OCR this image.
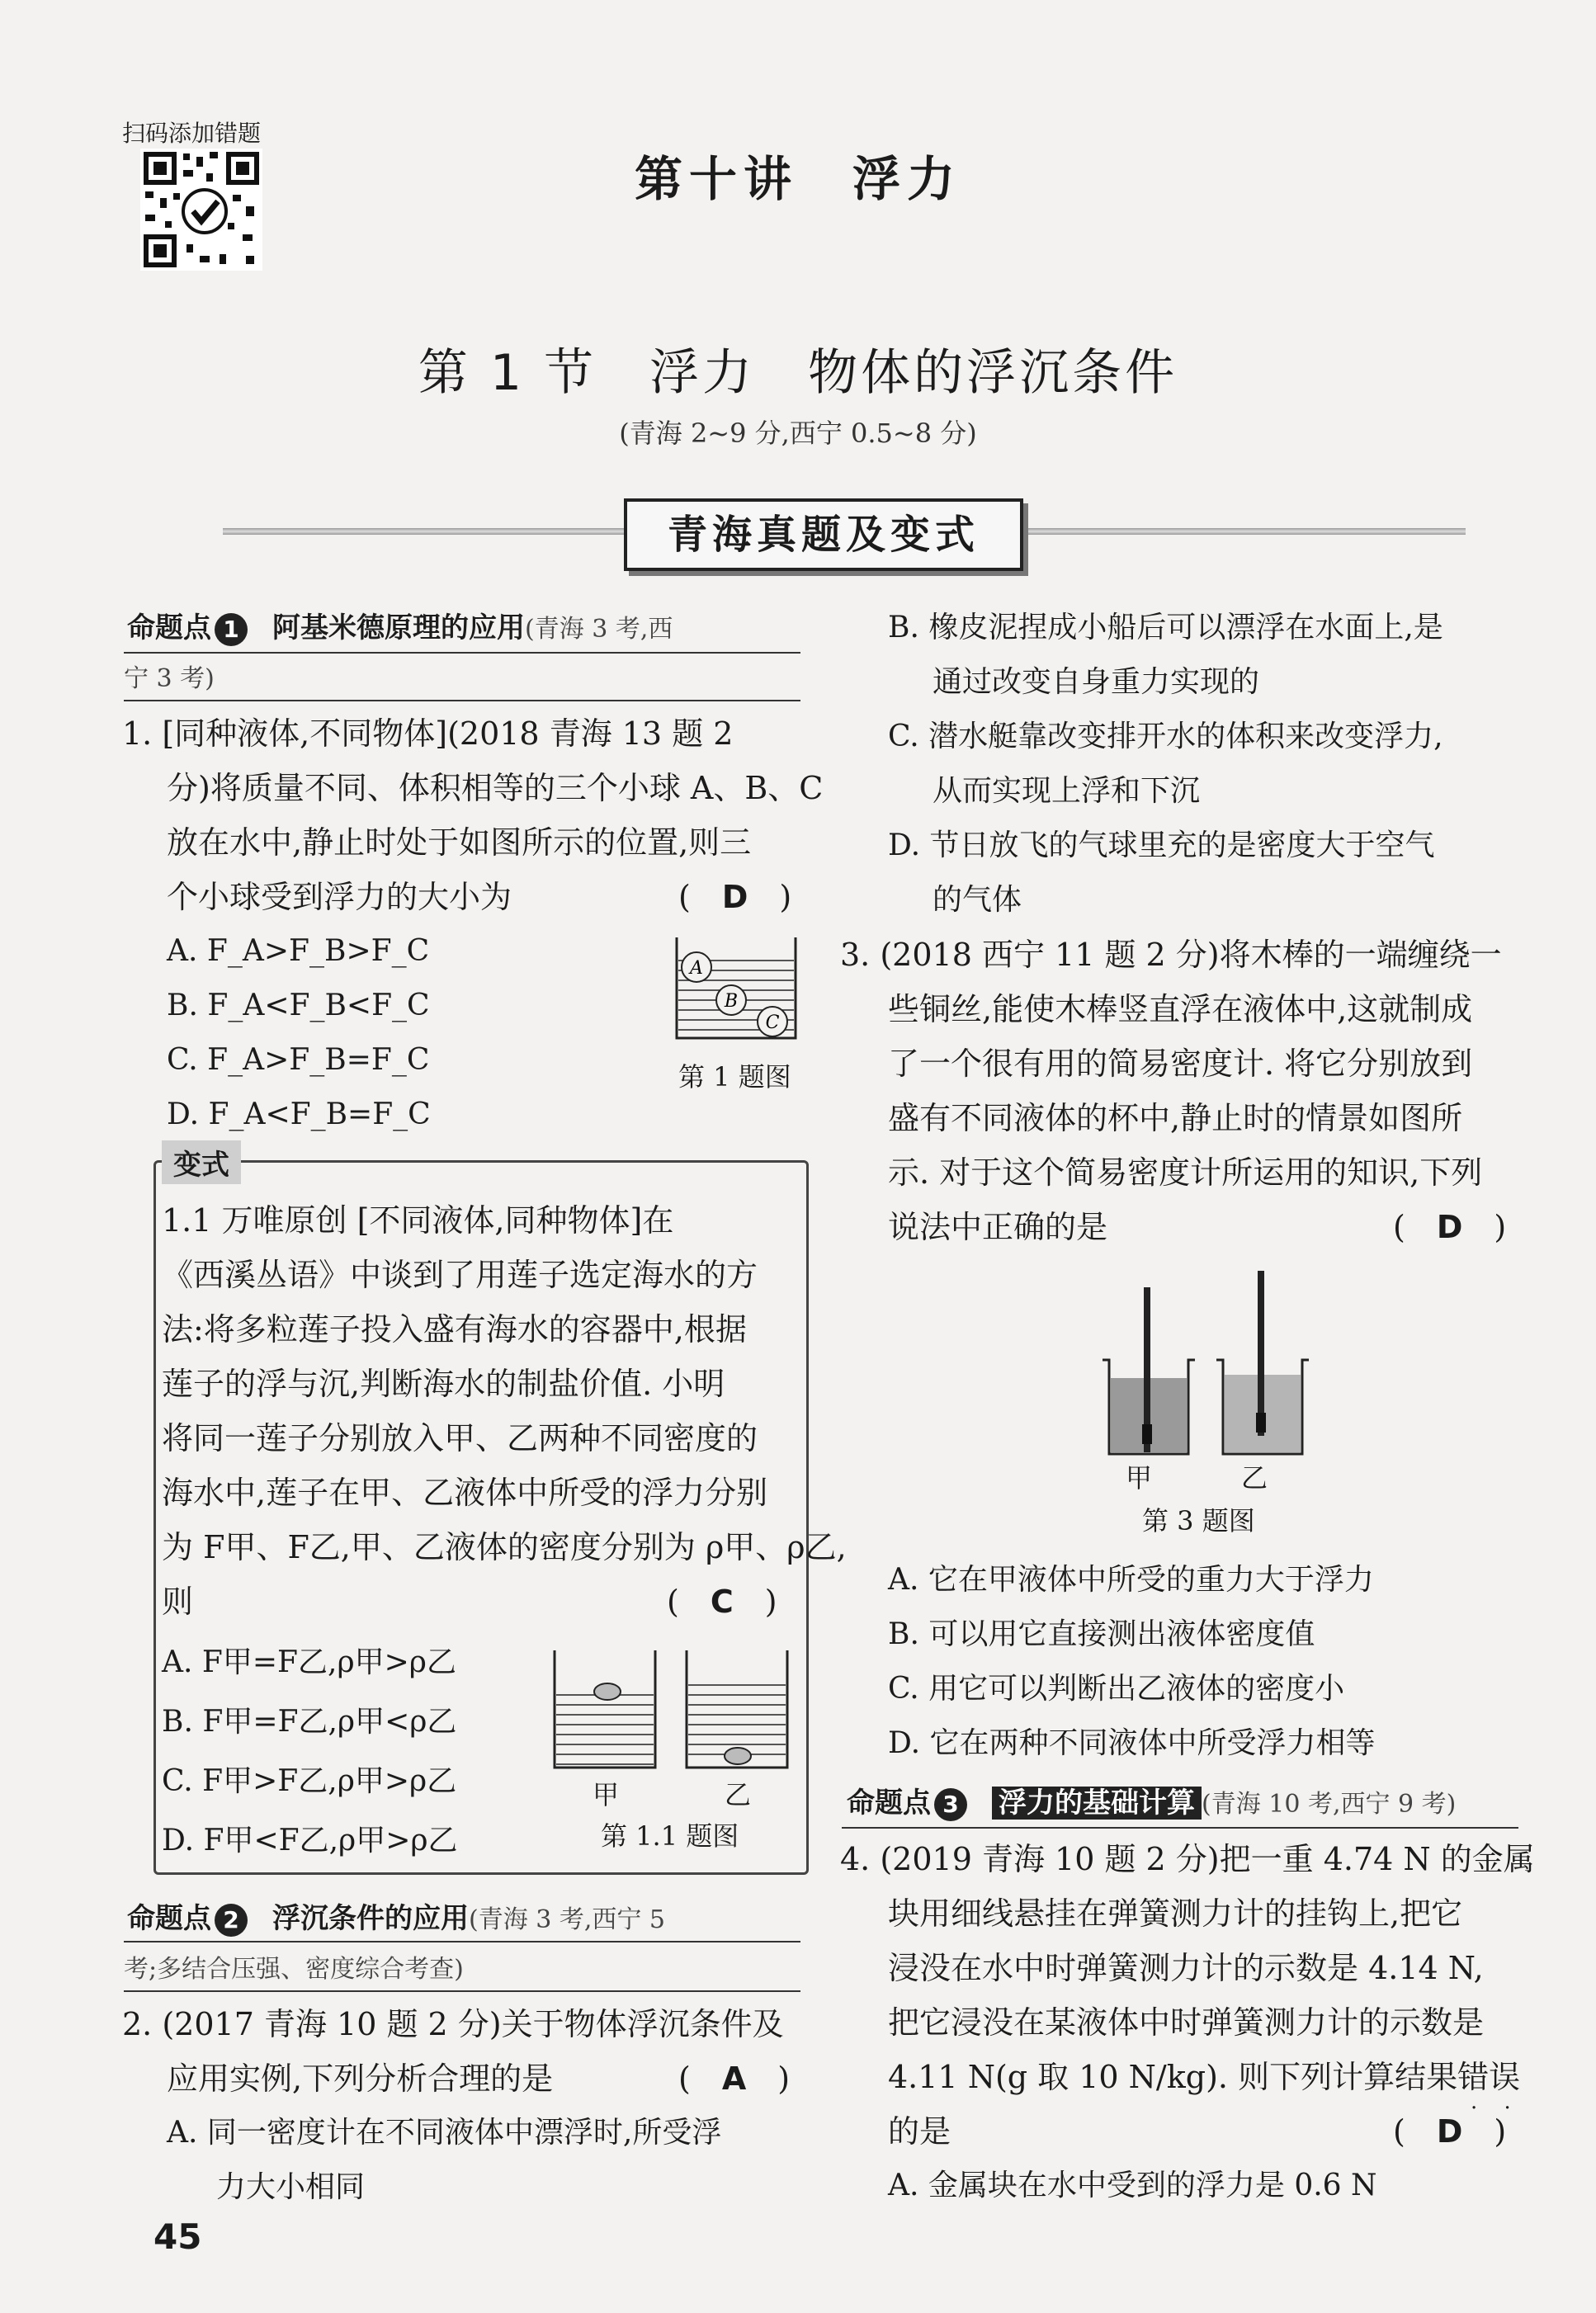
扫码添加错题
第十讲　浮力
第 1 节　浮力　物体的浮沉条件
(青海 2~9 分,西宁 0.5~8 分)
青海真题及变式
命题点 1 阿基米德原理的应用(青海 3 考,西
宁 3 考)
1. [同种液体,不同物体](2018 青海 13 题 2
分)将质量不同、体积相等的三个小球 A、B、C
放在水中,静止时处于如图所示的位置,则三
个小球受到浮力的大小为	(　D　)
A. F_A>F_B>F_C
B. F_A<F_B<F_C
C. F_A>F_B=F_C
D. F_A<F_B=F_C
A
B
C
第 1 题图
变式
1.1 万唯原创 [不同液体,同种物体]在
《西溪丛语》中谈到了用莲子选定海水的方
法:将多粒莲子投入盛有海水的容器中,根据
莲子的浮与沉,判断海水的制盐价值. 小明
将同一莲子分别放入甲、乙两种不同密度的
海水中,莲子在甲、乙液体中所受的浮力分别
为 F甲、F乙,甲、乙液体的密度分别为 ρ甲、ρ乙,
则	(　C　)
A. F甲=F乙,ρ甲>ρ乙
B. F甲=F乙,ρ甲<ρ乙
C. F甲>F乙,ρ甲>ρ乙
D. F甲<F乙,ρ甲>ρ乙
甲	乙
第 1.1 题图
命题点 2 浮沉条件的应用(青海 3 考,西宁 5
考;多结合压强、密度综合考查)
2. (2017 青海 10 题 2 分)关于物体浮沉条件及
应用实例,下列分析合理的是	(　A　)
A. 同一密度计在不同液体中漂浮时,所受浮
力大小相同
45
B. 橡皮泥捏成小船后可以漂浮在水面上,是
通过改变自身重力实现的
C. 潜水艇靠改变排开水的体积来改变浮力,
从而实现上浮和下沉
D. 节日放飞的气球里充的是密度大于空气
的气体
3. (2018 西宁 11 题 2 分)将木棒的一端缠绕一
些铜丝,能使木棒竖直浮在液体中,这就制成
了一个很有用的简易密度计. 将它分别放到
盛有不同液体的杯中,静止时的情景如图所
示. 对于这个简易密度计所运用的知识,下列
说法中正确的是	(　D　)
甲	乙
第 3 题图
A. 它在甲液体中所受的重力大于浮力
B. 可以用它直接测出液体密度值
C. 用它可以判断出乙液体的密度小
D. 它在两种不同液体中所受浮力相等
命题点 3 浮力的基础计算 (青海 10 考,西宁 9 考)
4. (2019 青海 10 题 2 分)把一重 4.74 N 的金属
块用细线悬挂在弹簧测力计的挂钩上,把它
浸没在水中时弹簧测力计的示数是 4.14 N,
把它浸没在某液体中时弹簧测力计的示数是
4.11 N(g 取 10 N/kg). 则下列计算结果错误
· ·
的是	(　D　)
A. 金属块在水中受到的浮力是 0.6 N
